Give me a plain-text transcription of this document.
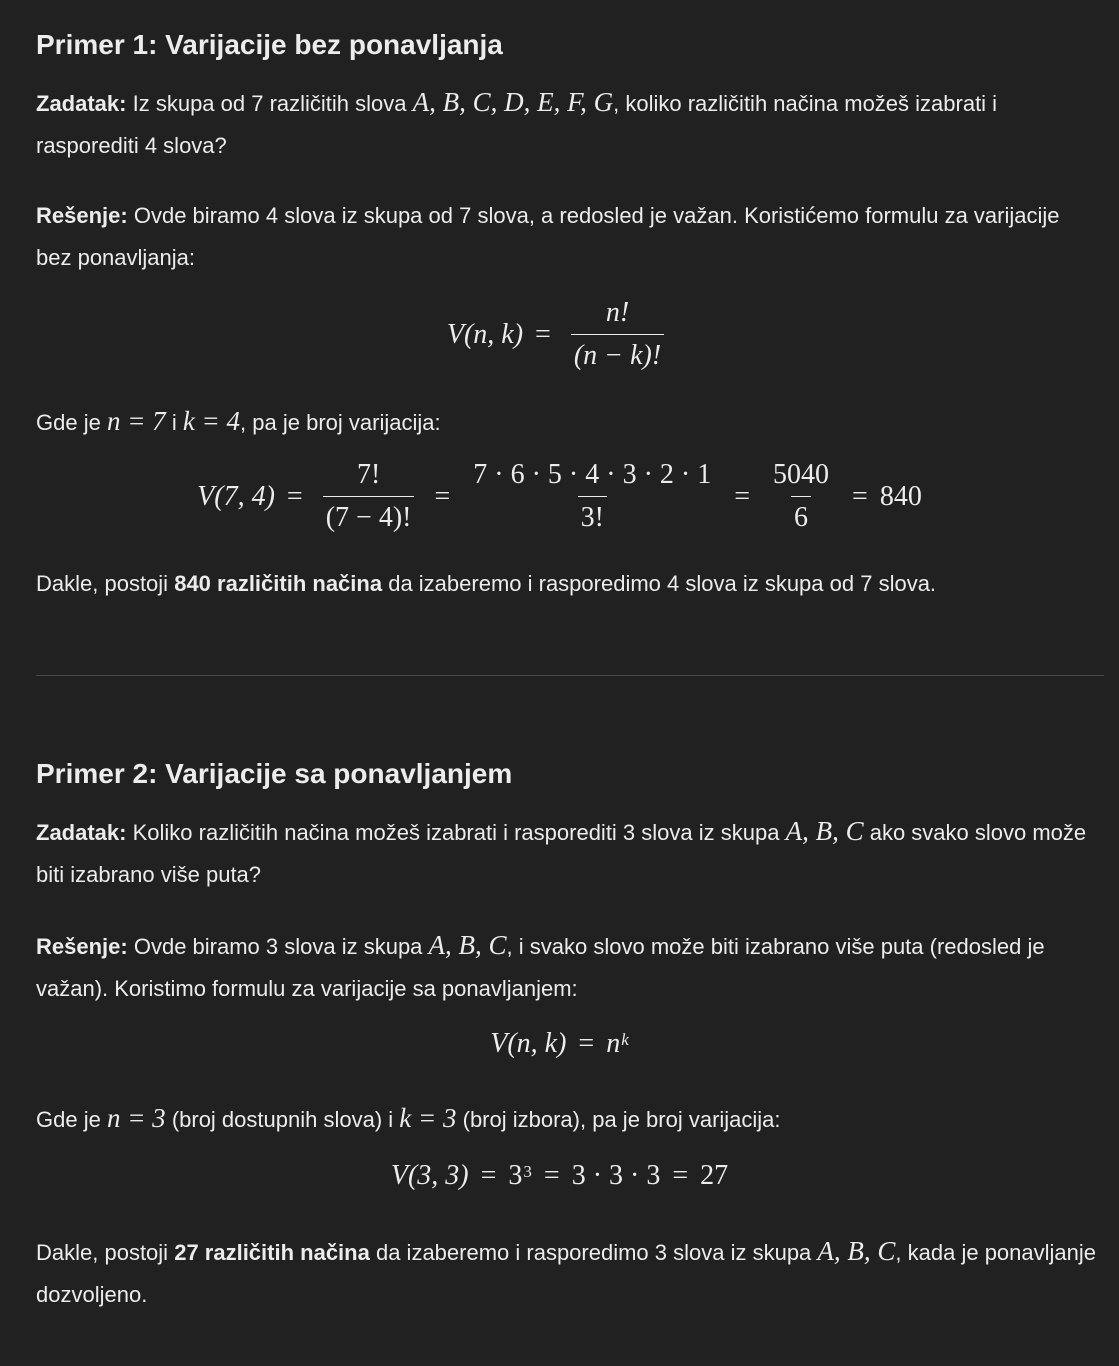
Primer 1: Varijacije bez ponavljanja

Zadatak: Iz skupa od 7 različitih slova A, B, C, D, E, F, G, koliko različitih načina možeš izabrati i rasporediti 4 slova?

Rešenje: Ovde biramo 4 slova iz skupa od 7 slova, a redosled je važan. Koristićemo formulu za varijacije bez ponavljanja:

V(n, $k) = \frac{n!}{(n - k)!}$

Gde je n = 7 i k = 4, pa je broj varijacija:

V(7, $4) = \frac{7!}{(7 - 4)!} = \frac{7 \cdot 6 \cdot 5 \cdot 4 \cdot 3 \cdot 2 \cdot 1}{3!} = \frac{5040}{6} = 840$

Dakle, postoji 840 različitih načina da izaberemo i rasporedimo 4 slova iz skupa od 7 slova.

Primer 2: Varijacije sa ponavljanjem

Zadatak: Koliko različitih načina možeš izabrati i rasporediti 3 slova iz skupa A, B, C ako svako slovo može biti izabrano više puta?

Rešenje: Ovde biramo 3 slova iz skupa A, B, C, i svako slovo može biti izabrano više puta (redosled je važan). Koristimo formulu za varijacije sa ponavljanjem:

V(n, $k) = n^k$

Gde je n = 3 (broj dostupnih slova) i k = 3 (broj izbora), pa je broj varijacija:

V(3, $3) = 3^3 = 3 \cdot 3 \cdot 3 = 27$

Dakle, postoji 27 različitih načina da izaberemo i rasporedimo 3 slova iz skupa A, B, C, kada je ponavljanje dozvoljeno.
